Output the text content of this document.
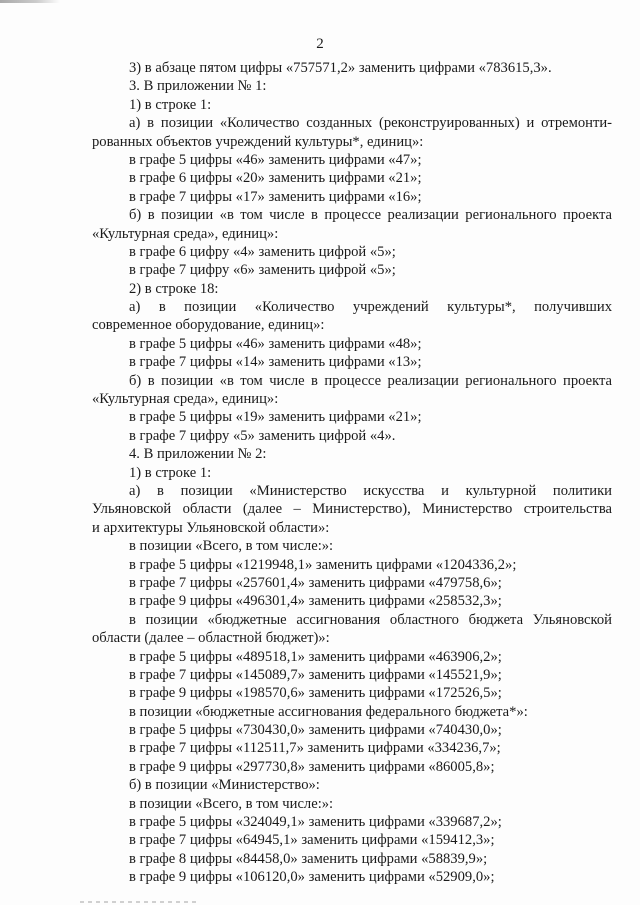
2
3) в абзаце пятом цифры «757571,2» заменить цифрами «783615,3».
3. В приложении № 1:
1) в строке 1:
а) в позиции «Количество созданных (реконструированных) и отремонти-
рованных объектов учреждений культуры*, единиц»:
в графе 5 цифры «46» заменить цифрами «47»;
в графе 6 цифры «20» заменить цифрами «21»;
в графе 7 цифры «17» заменить цифрами «16»;
б) в позиции «в том числе в процессе реализации регионального проекта
«Культурная среда», единиц»:
в графе 6 цифру «4» заменить цифрой «5»;
в графе 7 цифру «6» заменить цифрой «5»;
2) в строке 18:
а) в позиции «Количество учреждений культуры*, получивших
современное оборудование, единиц»:
в графе 5 цифры «46» заменить цифрами «48»;
в графе 7 цифры «14» заменить цифрами «13»;
б) в позиции «в том числе в процессе реализации регионального проекта
«Культурная среда», единиц»:
в графе 5 цифры «19» заменить цифрами «21»;
в графе 7 цифру «5» заменить цифрой «4».
4. В приложении № 2:
1) в строке 1:
а) в позиции «Министерство искусства и культурной политики
Ульяновской области (далее – Министерство), Министерство строительства
и архитектуры Ульяновской области»:
в позиции «Всего, в том числе:»:
в графе 5 цифры «1219948,1» заменить цифрами «1204336,2»;
в графе 7 цифры «257601,4» заменить цифрами «479758,6»;
в графе 9 цифры «496301,4» заменить цифрами «258532,3»;
в позиции «бюджетные ассигнования областного бюджета Ульяновской
области (далее – областной бюджет)»:
в графе 5 цифры «489518,1» заменить цифрами «463906,2»;
в графе 7 цифры «145089,7» заменить цифрами «145521,9»;
в графе 9 цифры «198570,6» заменить цифрами «172526,5»;
в позиции «бюджетные ассигнования федерального бюджета*»:
в графе 5 цифры «730430,0» заменить цифрами «740430,0»;
в графе 7 цифры «112511,7» заменить цифрами «334236,7»;
в графе 9 цифры «297730,8» заменить цифрами «86005,8»;
б) в позиции «Министерство»:
в позиции «Всего, в том числе:»:
в графе 5 цифры «324049,1» заменить цифрами «339687,2»;
в графе 7 цифры «64945,1» заменить цифрами «159412,3»;
в графе 8 цифры «84458,0» заменить цифрами «58839,9»;
в графе 9 цифры «106120,0» заменить цифрами «52909,0»;
